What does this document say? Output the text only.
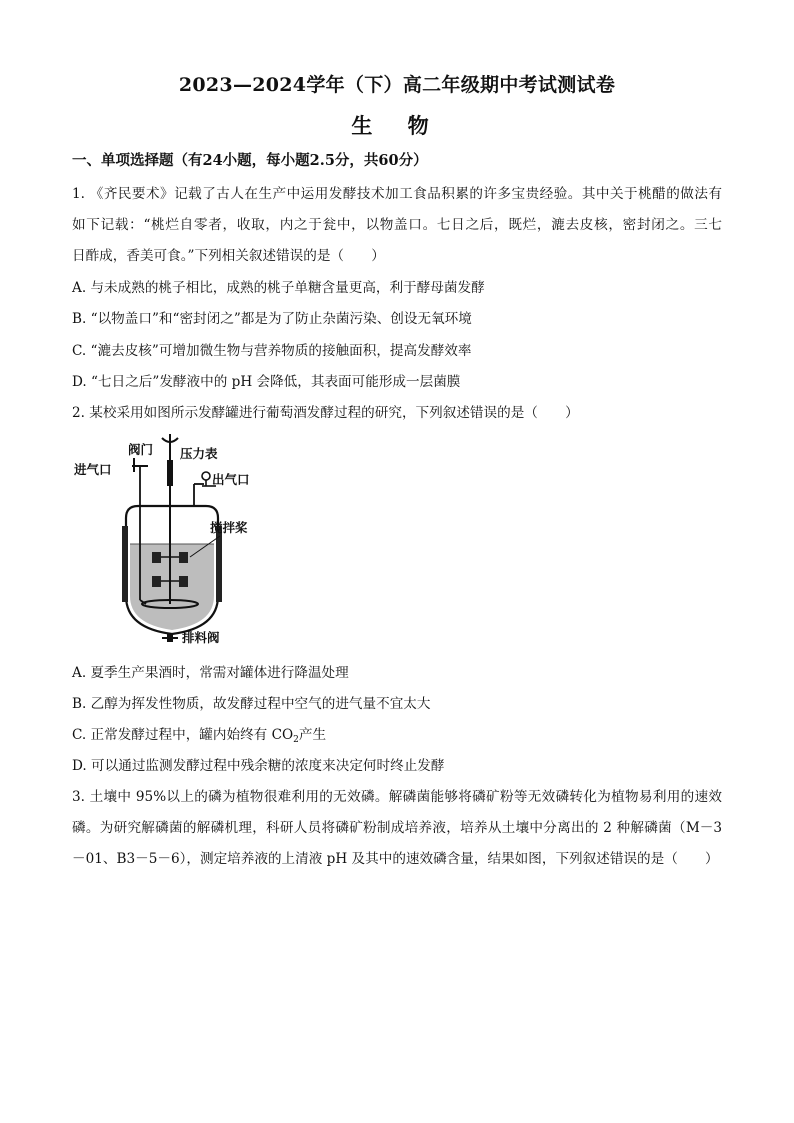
2023—2024学年（下）高二年级期中考试测试卷
生 物
一、单项选择题（有24小题，每小题2.5分，共60分）
1. 《齐民要术》记载了古人在生产中运用发酵技术加工食品积累的许多宝贵经验。其中关于桃醋的做法有
如下记载：“桃烂自零者，收取，内之于瓮中，以物盖口。七日之后，既烂，漉去皮核，密封闭之。三七
日酢成，香美可食。”下列相关叙述错误的是（　　）
A. 与未成熟的桃子相比，成熟的桃子单糖含量更高，利于酵母菌发酵
B. “以物盖口”和“密封闭之”都是为了防止杂菌污染、创设无氧环境
C. “漉去皮核”可增加微生物与营养物质的接触面积，提高发酵效率
D. “七日之后”发酵液中的 pH 会降低，其表面可能形成一层菌膜
2. 某校采用如图所示发酵罐进行葡萄酒发酵过程的研究，下列叙述错误的是（　　）
阀门 压力表
进气口
出气口
搅拌桨
排料阀
A. 夏季生产果酒时，常需对罐体进行降温处理
B. 乙醇为挥发性物质，故发酵过程中空气的进气量不宜太大
C. 正常发酵过程中，罐内始终有 $CO_2$产生
D. 可以通过监测发酵过程中残余糖的浓度来决定何时终止发酵
3. 土壤中 95%以上的磷为植物很难利用的无效磷。解磷菌能够将磷矿粉等无效磷转化为植物易利用的速效
磷。为研究解磷菌的解磷机理，科研人员将磷矿粉制成培养液，培养从土壤中分离出的 2 种解磷菌（M－3
－01、B3－5－6），测定培养液的上清液 pH 及其中的速效磷含量，结果如图，下列叙述错误的是（　　）
